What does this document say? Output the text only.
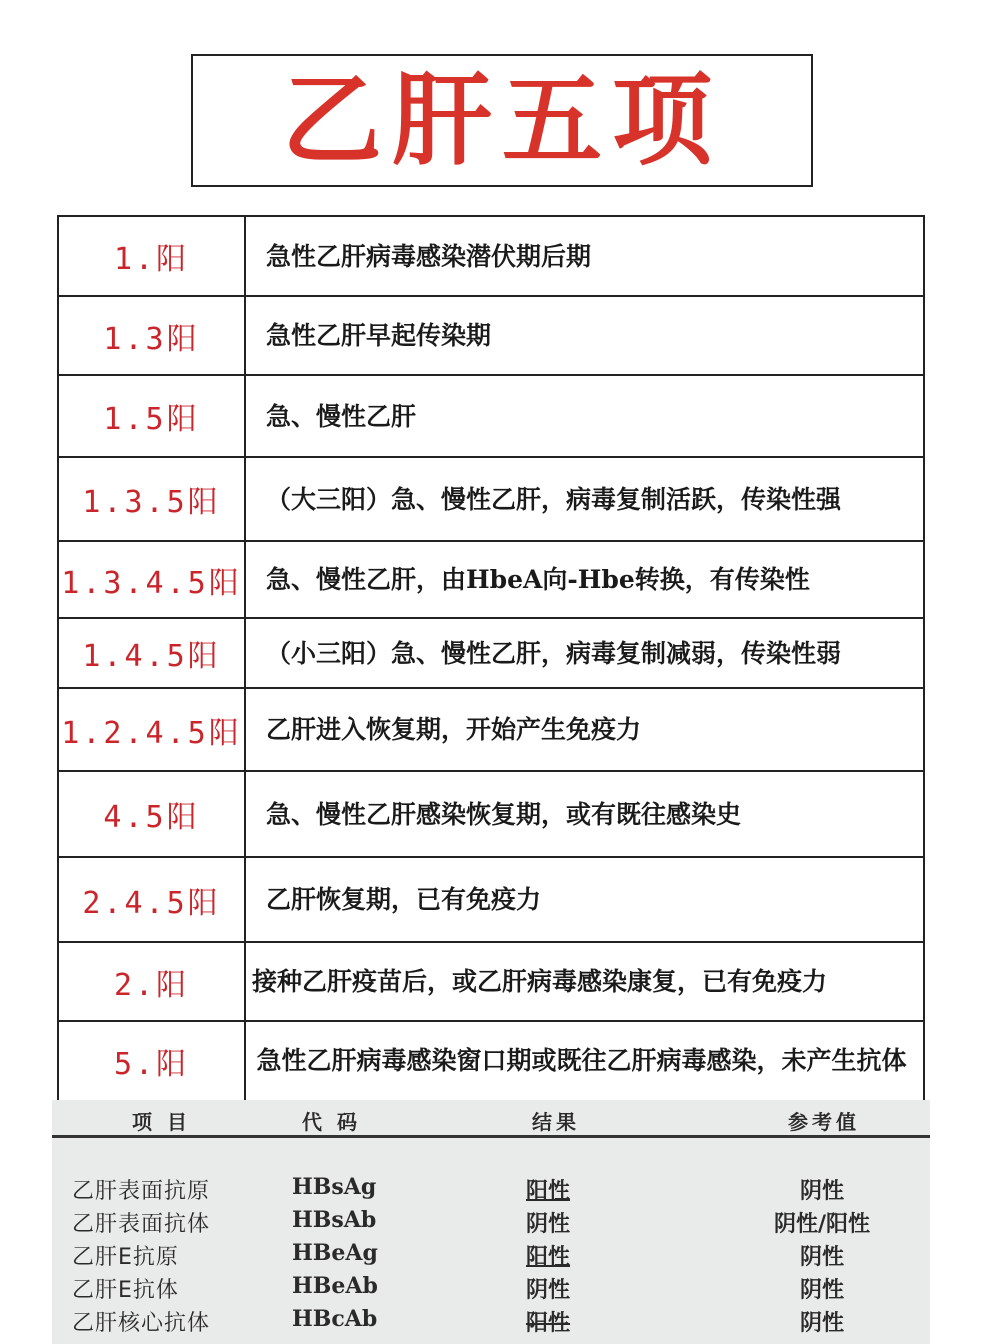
乙肝五项
1.阳	急性乙肝病毒感染潜伏期后期
1.3阳	急性乙肝早起传染期
1.5阳	急、慢性乙肝
1.3.5阳	（大三阳）急、慢性乙肝，病毒复制活跃，传染性强
1.3.4.5阳 急、慢性乙肝，由HbeA向-Hbe转换，有传染性
1.4.5阳	（小三阳）急、慢性乙肝，病毒复制减弱，传染性弱
1.2.4.5阳 乙肝进入恢复期，开始产生免疫力
4.5阳	急、慢性乙肝感染恢复期，或有既往感染史
2.4.5阳	乙肝恢复期，已有免疫力
2.阳	接种乙肝疫苗后，或乙肝病毒感染康复，已有免疫力
5.阳	急性乙肝病毒感染窗口期或既往乙肝病毒感染，未产生抗体
项 目	代 码	结果	参考值
乙肝表面抗原	HBsAg	阳性	阴性
乙肝表面抗体	HBsAb	阴性	阴性/阳性
乙肝E抗原	HBeAg	阳性	阴性
乙肝E抗体	HBeAb	阴性	阴性
乙肝核心抗体	HBcAb	阳性	阴性
